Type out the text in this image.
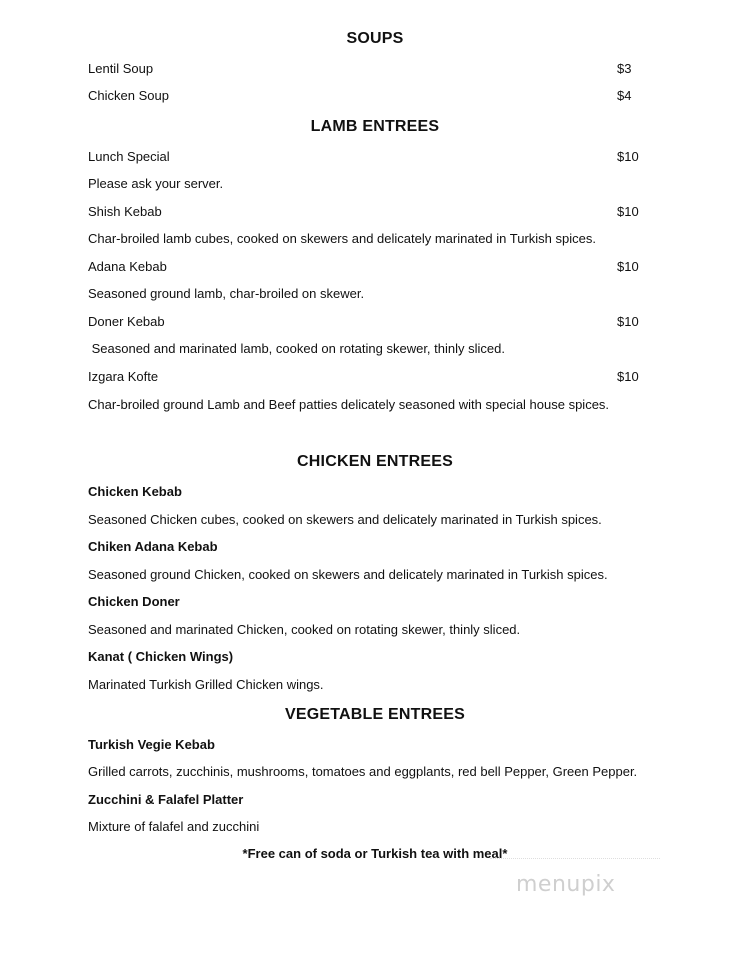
SOUPS
Lentil Soup	$3
Chicken Soup	$4
LAMB ENTREES
Lunch Special	$10
Please ask your server.
Shish Kebab	$10
Char-broiled lamb cubes, cooked on skewers and delicately marinated in Turkish spices.
Adana Kebab	$10
Seasoned ground lamb, char-broiled on skewer.
Doner Kebab	$10
Seasoned and marinated lamb, cooked on rotating skewer, thinly sliced.
Izgara Kofte	$10
Char-broiled ground Lamb and Beef patties delicately seasoned with special house spices.
CHICKEN ENTREES
Chicken Kebab
Seasoned Chicken cubes, cooked on skewers and delicately marinated in Turkish spices.
Chiken Adana Kebab
Seasoned ground Chicken, cooked on skewers and delicately marinated in Turkish spices.
Chicken Doner
Seasoned and marinated Chicken, cooked on rotating skewer, thinly sliced.
Kanat ( Chicken Wings)
Marinated Turkish Grilled Chicken wings.
VEGETABLE ENTREES
Turkish Vegie Kebab
Grilled carrots, zucchinis, mushrooms, tomatoes and eggplants, red bell Pepper, Green Pepper.
Zucchini & Falafel Platter
Mixture of falafel and zucchini
*Free can of soda or Turkish tea with meal*
menupix
